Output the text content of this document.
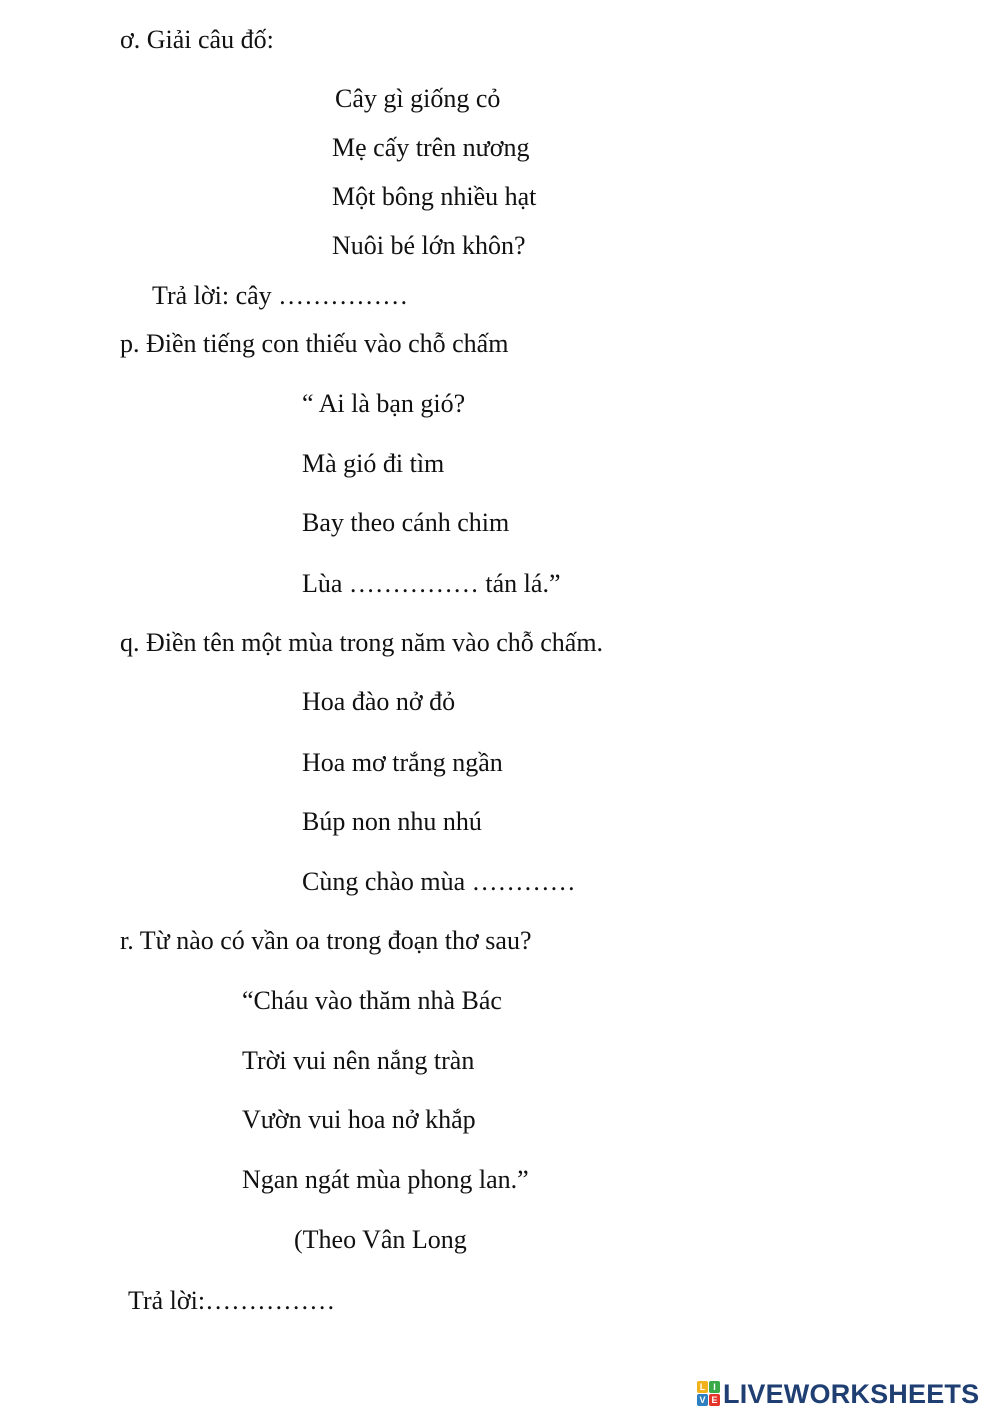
ơ. Giải câu đố:
Cây gì giống cỏ
Mẹ cấy trên nương
Một bông nhiều hạt
Nuôi bé lớn khôn?
Trả lời: cây ……………
p. Điền tiếng con thiếu vào chỗ chấm
“ Ai là bạn gió?
Mà gió đi tìm
Bay theo cánh chim
Lùa …………… tán lá.”
q. Điền tên một mùa trong năm vào chỗ chấm.
Hoa đào nở đỏ
Hoa mơ trắng ngần
Búp non nhu nhú
Cùng chào mùa …………
r. Từ nào có vần oa trong đoạn thơ sau?
“Cháu vào thăm nhà Bác
Trời vui nên nắng tràn
Vườn vui hoa nở khắp
Ngan ngát mùa phong lan.”
(Theo Vân Long
Trả lời:……………
L I
V E LIVEWORKSHEETS
